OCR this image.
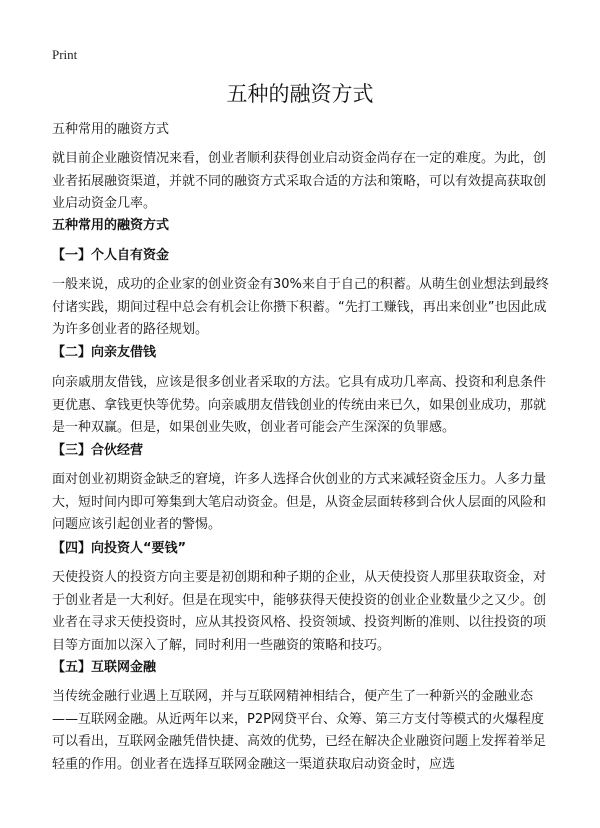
Print
五种的融资方式
五种常用的融资方式
就目前企业融资情况来看，创业者顺利获得创业启动资金尚存在一定的难度。为此，创业者拓展融资渠道，并就不同的融资方式采取合适的方法和策略，可以有效提高获取创业启动资金几率。
五种常用的融资方式
【一】个人自有资金
一般来说，成功的企业家的创业资金有30%来自于自己的积蓄。从萌生创业想法到最终付诸实践，期间过程中总会有机会让你攒下积蓄。“先打工赚钱，再出来创业”也因此成为许多创业者的路径规划。
【二】向亲友借钱
向亲戚朋友借钱，应该是很多创业者采取的方法。它具有成功几率高、投资和利息条件更优惠、拿钱更快等优势。向亲戚朋友借钱创业的传统由来已久，如果创业成功，那就是一种双赢。但是，如果创业失败，创业者可能会产生深深的负罪感。
【三】合伙经营
面对创业初期资金缺乏的窘境，许多人选择合伙创业的方式来减轻资金压力。人多力量大，短时间内即可筹集到大笔启动资金。但是，从资金层面转移到合伙人层面的风险和问题应该引起创业者的警惕。
【四】向投资人“要钱”
天使投资人的投资方向主要是初创期和种子期的企业，从天使投资人那里获取资金，对于创业者是一大利好。但是在现实中，能够获得天使投资的创业企业数量少之又少。创业者在寻求天使投资时，应从其投资风格、投资领域、投资判断的准则、以往投资的项目等方面加以深入了解，同时利用一些融资的策略和技巧。
【五】互联网金融
当传统金融行业遇上互联网，并与互联网精神相结合，便产生了一种新兴的金融业态——互联网金融。从近两年以来，P2P网贷平台、众筹、第三方支付等模式的火爆程度可以看出，互联网金融凭借快捷、高效的优势，已经在解决企业融资问题上发挥着举足轻重的作用。创业者在选择互联网金融这一渠道获取启动资金时，应选
